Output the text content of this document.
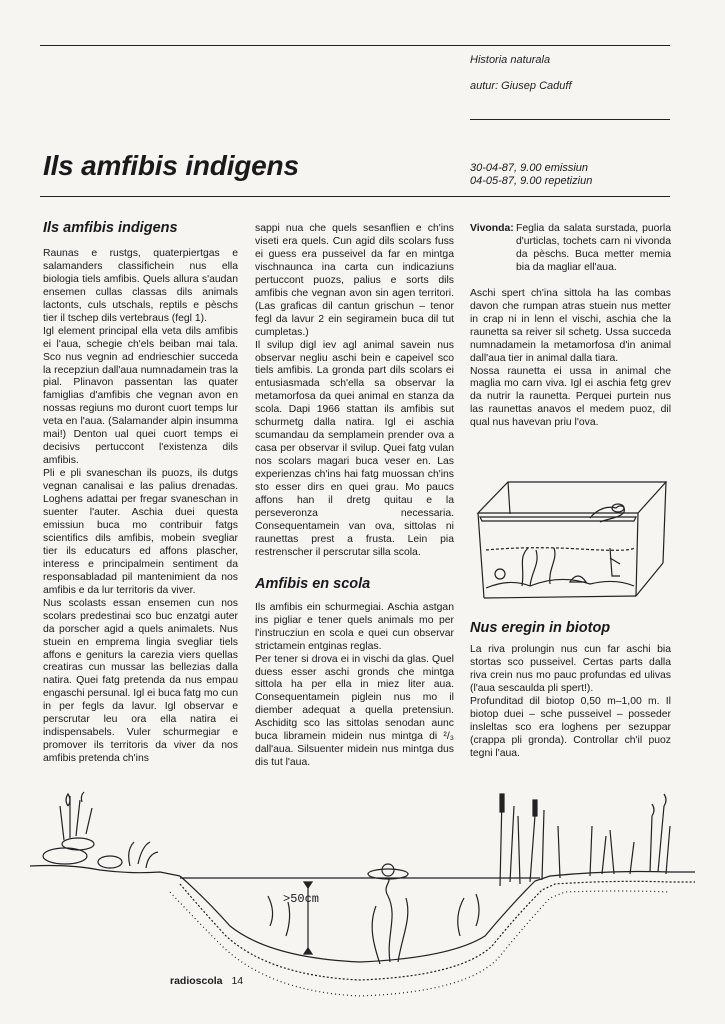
Historia naturala
autur: Giusep Caduff
Ils amfibis indigens	30-04-87, 9.00 emissiun
04-05-87, 9.00 repetiziun
Ils amfibis indigens

Raunas e rustgs, quaterpiertgas e salamanders classifichein nus ella biologia tiels amfibis. Quels allura s'audan ensemen cullas classas dils animals lactonts, culs utschals, reptils e pèschs tier il tschep dils vertebraus (fegl 1).

Igl element principal ella veta dils amfibis ei l'aua, schegie ch'els beiban mai tala. Sco nus vegnin ad endrieschier succeda la recepziun dall'aua numnadamein tras la pial. Plinavon passentan las quater famiglias d'amfibis che vegnan avon en nossas regiuns mo duront cuort temps lur veta en l'aua. (Salamander alpin insumma mai!) Denton ual quei cuort temps ei decisivs pertuccont l'existenza dils amfibis.

Pli e pli svaneschan ils puozs, ils dutgs vegnan canalisai e las palius drenadas. Loghens adattai per fregar svaneschan in suenter l'auter. Aschia duei questa emissiun buca mo contribuir fatgs scientifics dils amfibis, mobein svegliar tier ils educaturs ed affons plascher, interess e principalmein sentiment da responsabladad pil mantenimient da nos amfibis e da lur territoris da viver.

Nus scolasts essan ensemen cun nos scolars predestinai sco buc enzatgi auter da porscher agid a quels animalets. Nus stuein en emprema lingia svegliar tiels affons e geniturs la carezia viers quellas creatiras cun mussar las bellezias dalla natira. Quei fatg pretenda da nus empau engaschi persunal. Igl ei buca fatg mo cun in per fegls da lavur. Igl observar e perscrutar leu ora ella natira ei indispensabels. Vuler schurmegiar e promover ils territoris da viver da nos amfibis pretenda ch'ins

sappi nua che quels sesanflien e ch'ins viseti era quels. Cun agid dils scolars fuss ei guess era pusseivel da far en mintga vischnaunca ina carta cun indicaziuns pertuccont puozs, palius e sorts dils amfibis che vegnan avon sin agen territori. (Las graficas dil cantun grischun – tenor fegl da lavur 2 ein segiramein buca dil tut cumpletas.)

Il svilup digl iev agl animal savein nus observar negliu aschi bein e capeivel sco tiels amfibis. La gronda part dils scolars ei entusiasmada sch'ella sa observar la metamorfosa da quei animal en stanza da scola. Dapi 1966 stattan ils amfibis sut schurmetg dalla natira. Igl ei aschia scumandau da semplamein prender ova a casa per observar il svilup. Quei fatg vulan nos scolars magari buca veser en. Las experienzas ch'ins hai fatg muossan ch'ins sto esser dirs en quei grau. Mo paucs affons han il dretg quitau e la perseveronza necessaria. Consequentamein van ova, sittolas ni raunettas prest a frusta. Lein pia restrenscher il perscrutar silla scola.

Amfibis en scola

Ils amfibis ein schurmegiai. Aschia astgan ins pigliar e tener quels animals mo per l'instrucziun en scola e quei cun observar strictamein entginas reglas.

Per tener si drova ei in vischi da glas. Quel duess esser aschi gronds che mintga sittola ha per ella in miez liter aua. Consequentamein piglein nus mo il diember adequat a quella pretensiun. Aschiditg sco las sittolas senodan aunc buca libramein midein nus mintga di ²/₃ dall'aua. Silsuenter midein nus mintga dus dis tut l'aua.

Vivonda: Feglia da salata surstada, puorla d'urticlas, tochets carn ni vivonda da pèschs. Buca metter memia bia da magliar ell'aua.

Aschi spert ch'ina sittola ha las combas davon che rumpan atras stuein nus metter in crap ni in lenn el vischi, aschia che la raunetta sa reiver sil schetg. Ussa succeda numnadamein la metamorfosa d'in animal dall'aua tier in animal dalla tiara.

Nossa raunetta ei ussa in animal che maglia mo carn viva. Igl ei aschia fetg grev da nutrir la raunetta. Perquei purtein nus las raunettas anavos el medem puoz, dil qual nus havevan priu l'ova.

Nus eregin in biotop

La riva prolungin nus cun far aschi bia stortas sco pusseivel. Certas parts dalla riva crein nus mo pauc profundas ed ulivas (l'aua sescaulda pli spert!).

Profunditad dil biotop 0,50 m–1,00 m. Il biotop duei – sche pusseivel – posseder insleltas sco era loghens per sezuppar (crappa pli gronda). Controllar ch'il puoz tegni l'aua.

>50cm
radioscola 14
